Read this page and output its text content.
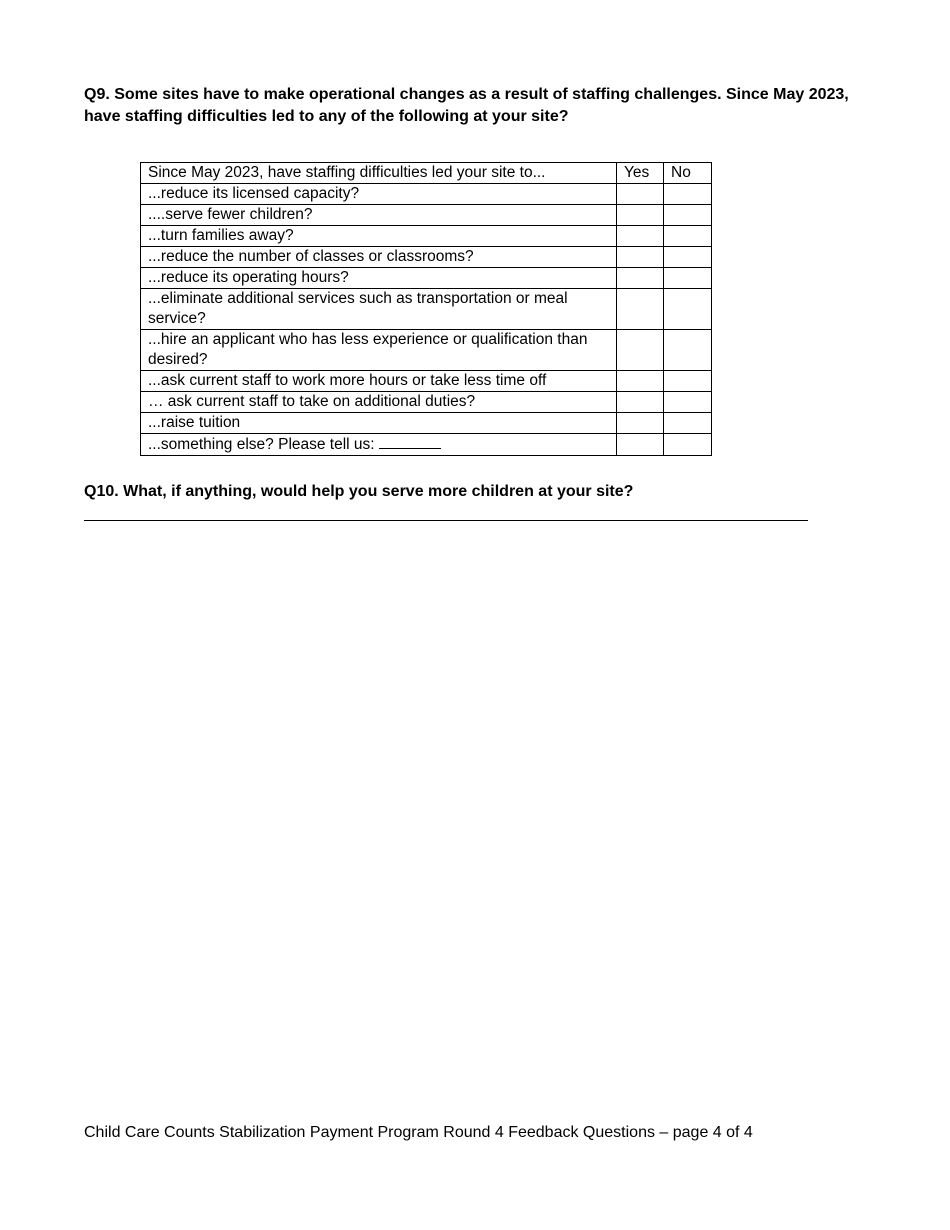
Q9. Some sites have to make operational changes as a result of staffing challenges. Since May 2023, have staffing difficulties led to any of the following at your site?

Since May 2023, have staffing difficulties led your site to...	Yes	No
...reduce its licensed capacity?		
....serve fewer children?		
...turn families away?		
...reduce the number of classes or classrooms?		
...reduce its operating hours?		
...eliminate additional services such as transportation or meal service?		
...hire an applicant who has less experience or qualification than desired?		
...ask current staff to work more hours or take less time off		
… ask current staff to take on additional duties?		
...raise tuition		
...something else? Please tell us:		

Q10. What, if anything, would help you serve more children at your site?

Child Care Counts Stabilization Payment Program Round 4 Feedback Questions – page 4 of 4
